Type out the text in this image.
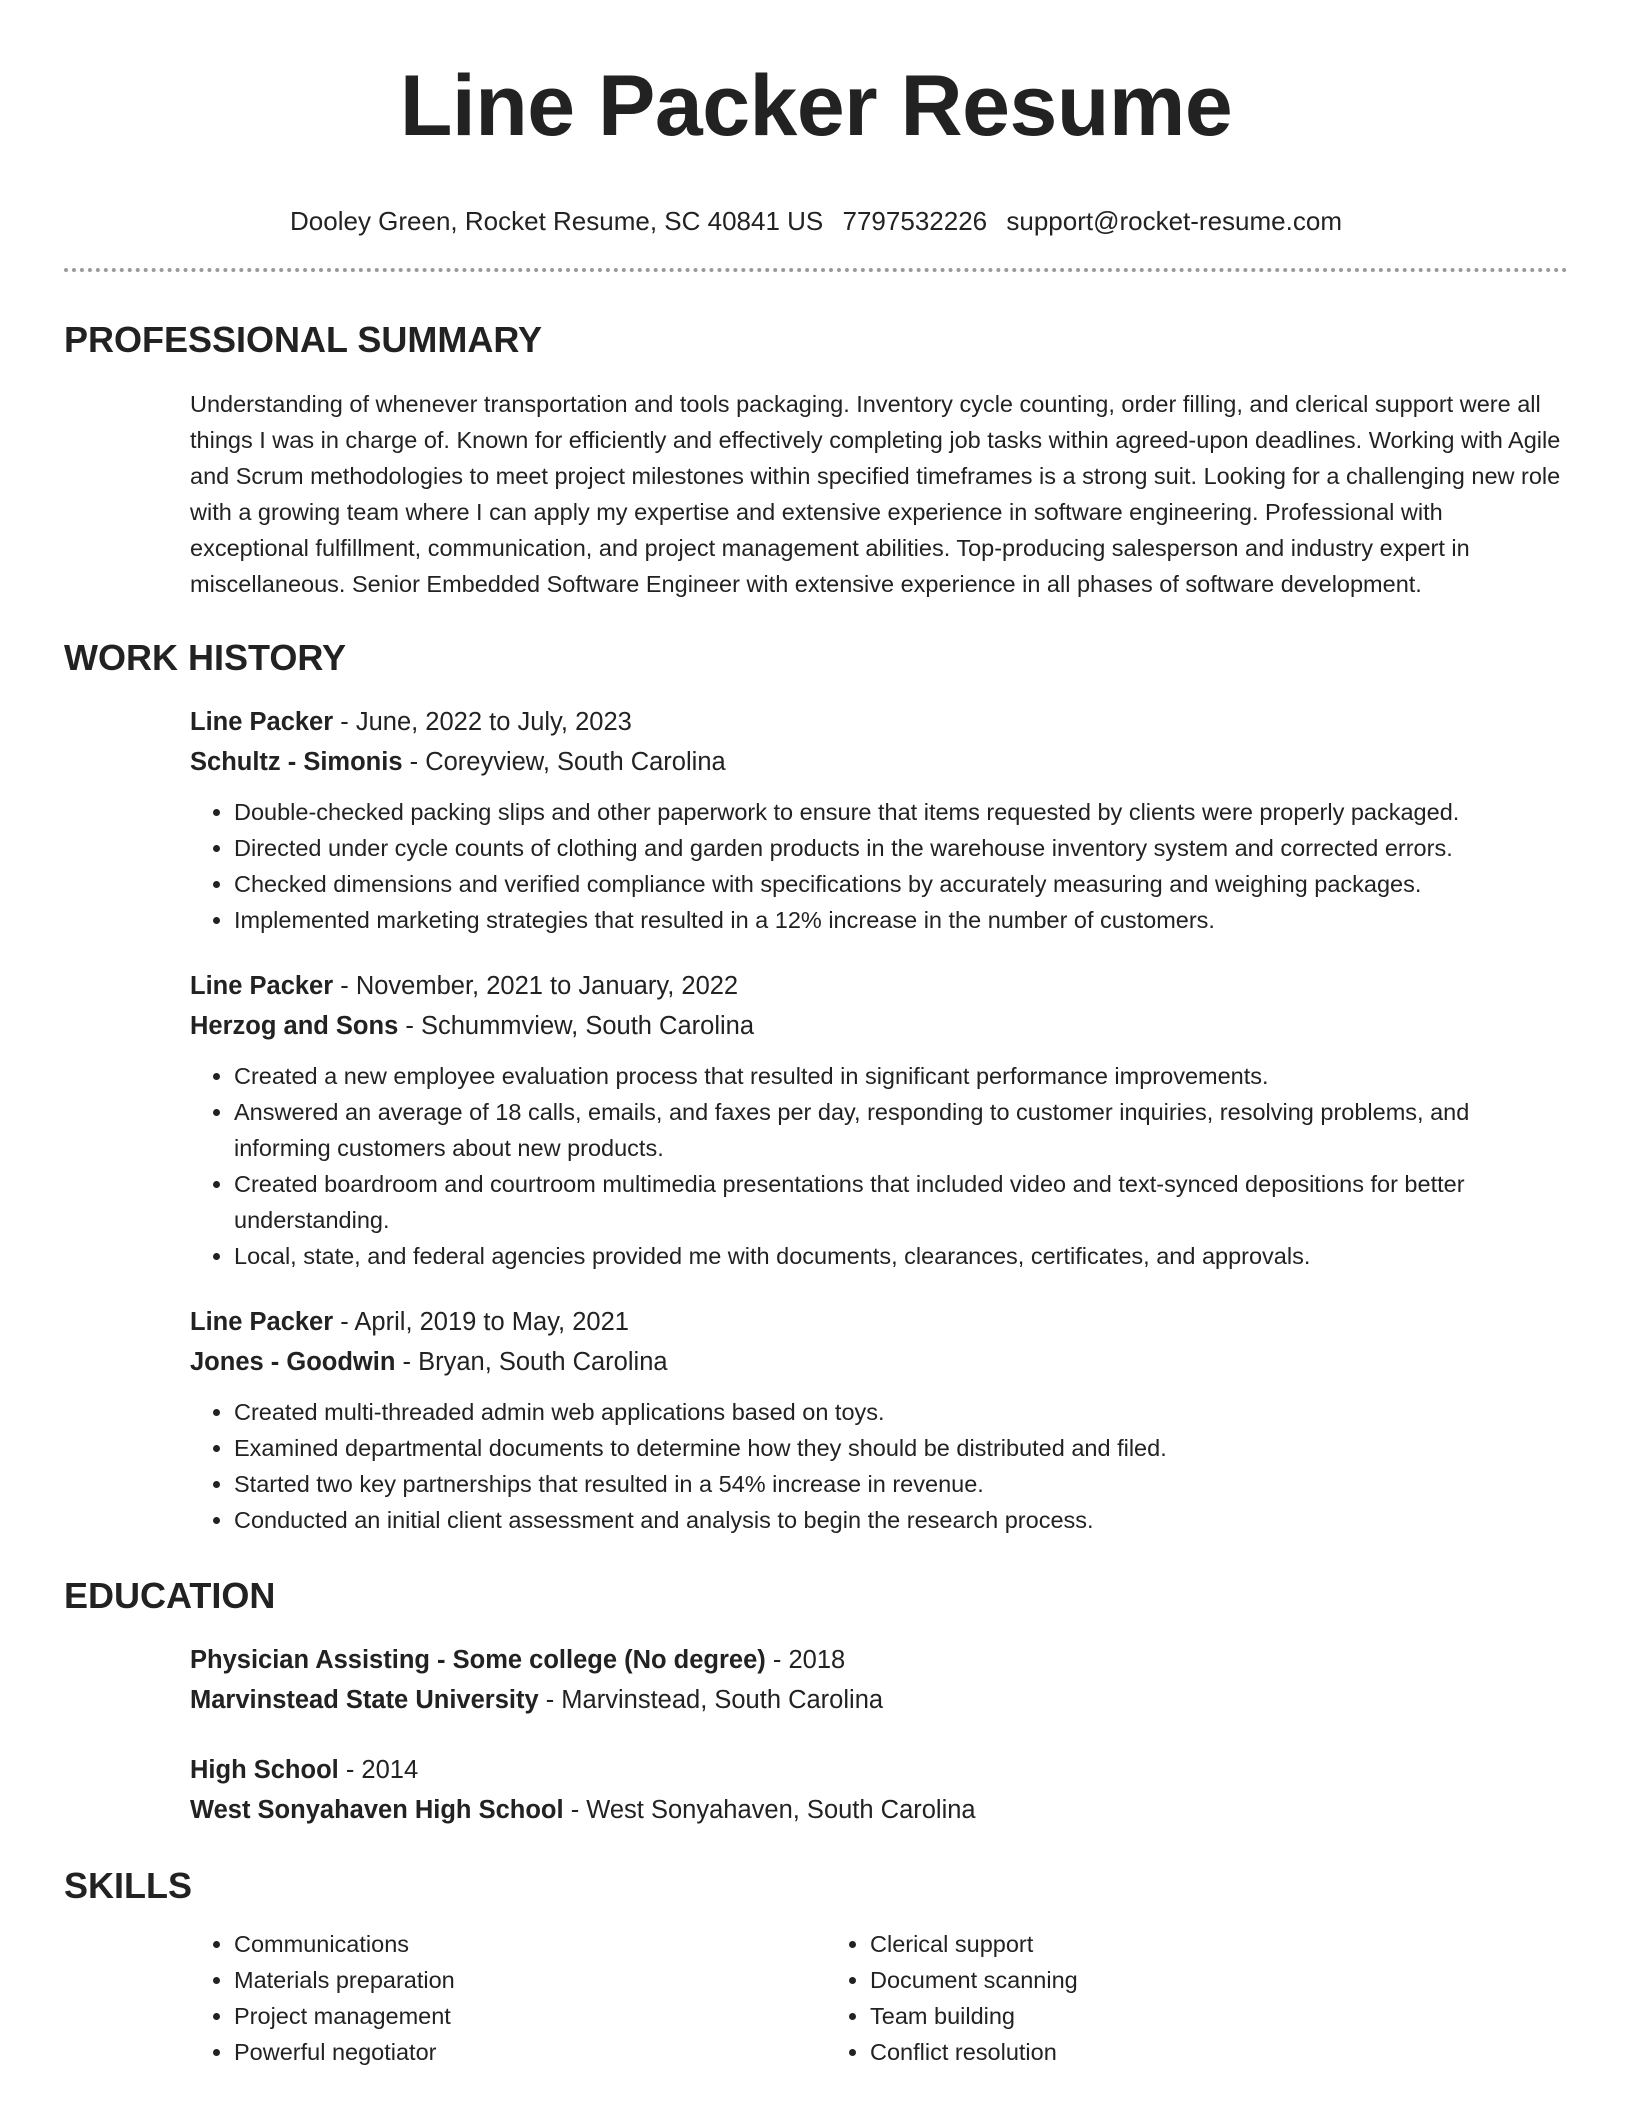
Line Packer Resume
Dooley Green, Rocket Resume, SC 40841 US 7797532226 support@rocket-resume.com
PROFESSIONAL SUMMARY

Understanding of whenever transportation and tools packaging. Inventory cycle counting, order filling, and clerical support were all things I was in charge of. Known for efficiently and effectively completing job tasks within agreed-upon deadlines. Working with Agile and Scrum methodologies to meet project milestones within specified timeframes is a strong suit. Looking for a challenging new role with a growing team where I can apply my expertise and extensive experience in software engineering. Professional with exceptional fulfillment, communication, and project management abilities. Top-producing salesperson and industry expert in miscellaneous. Senior Embedded Software Engineer with extensive experience in all phases of software development.

WORK HISTORY
Line Packer - June, 2022 to July, 2023
Schultz - Simonis - Coreyview, South Carolina
• Double-checked packing slips and other paperwork to ensure that items requested by clients were properly packaged.
• Directed under cycle counts of clothing and garden products in the warehouse inventory system and corrected errors.
• Checked dimensions and verified compliance with specifications by accurately measuring and weighing packages.
• Implemented marketing strategies that resulted in a 12% increase in the number of customers.
Line Packer - November, 2021 to January, 2022
Herzog and Sons - Schummview, South Carolina
• Created a new employee evaluation process that resulted in significant performance improvements.
• Answered an average of 18 calls, emails, and faxes per day, responding to customer inquiries, resolving problems, and informing customers about new products.
• Created boardroom and courtroom multimedia presentations that included video and text-synced depositions for better understanding.
• Local, state, and federal agencies provided me with documents, clearances, certificates, and approvals.
Line Packer - April, 2019 to May, 2021
Jones - Goodwin - Bryan, South Carolina
• Created multi-threaded admin web applications based on toys.
• Examined departmental documents to determine how they should be distributed and filed.
• Started two key partnerships that resulted in a 54% increase in revenue.
• Conducted an initial client assessment and analysis to begin the research process.
EDUCATION
Physician Assisting - Some college (No degree) - 2018
Marvinstead State University - Marvinstead, South Carolina
High School - 2014
West Sonyahaven High School - West Sonyahaven, South Carolina
SKILLS
• Communications
• Materials preparation
• Project management
• Powerful negotiator
• Clerical support
• Document scanning
• Team building
• Conflict resolution
